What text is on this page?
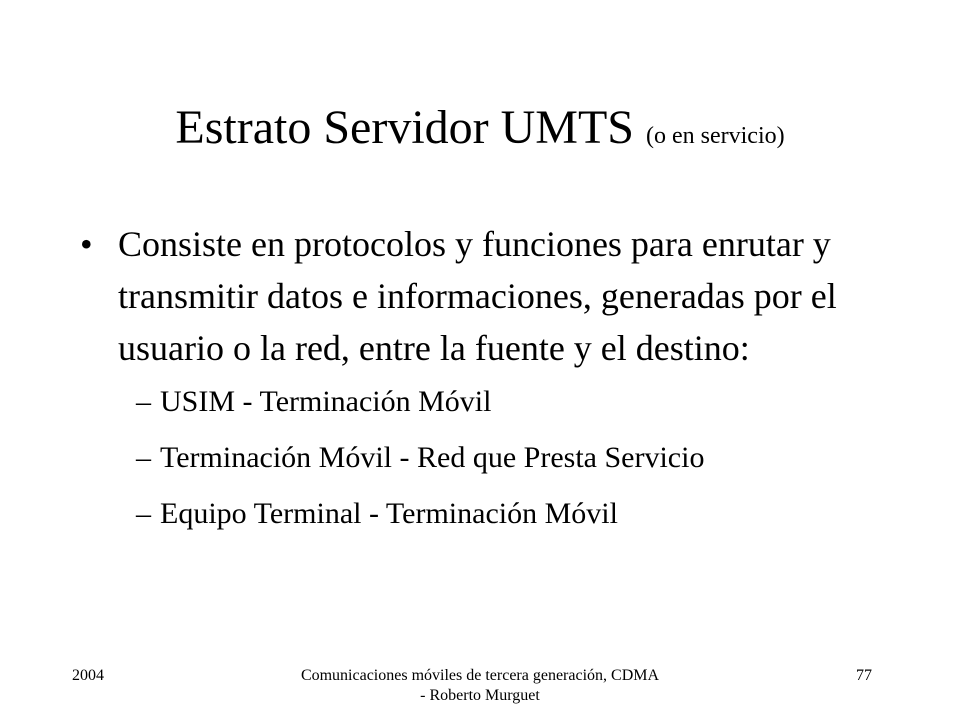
Estrato Servidor UMTS (o en servicio)
• Consiste en protocolos y funciones para enrutar y transmitir datos e informaciones, generadas por el usuario o la red, entre la fuente y el destino:
– USIM - Terminación Móvil
– Terminación Móvil - Red que Presta Servicio
– Equipo Terminal - Terminación Móvil
2004	Comunicaciones móviles de tercera generación, CDMA - Roberto Murguet
77
